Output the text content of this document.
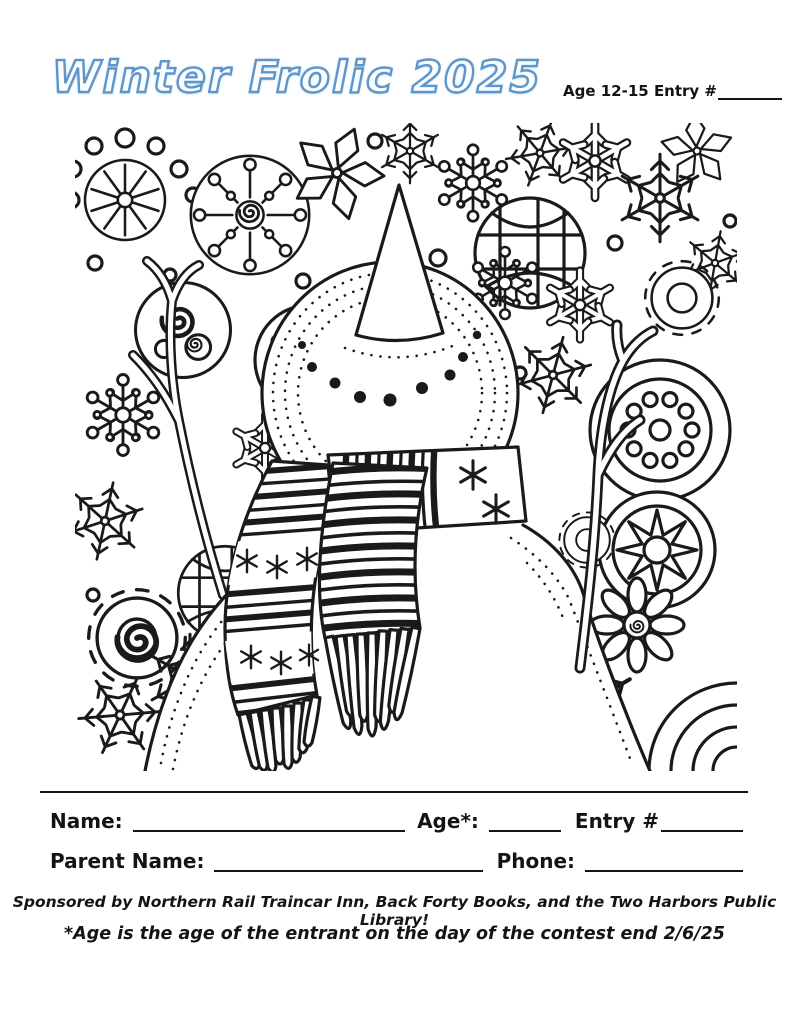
Winter Frolic 2025 Age 12-15 Entry #
Name:	Age*:	Entry #
Parent Name:	Phone:
Sponsored by Northern Rail Traincar Inn, Back Forty Books, and the Two Harbors Public Library!
*Age is the age of the entrant on the day of the contest end 2/6/25
